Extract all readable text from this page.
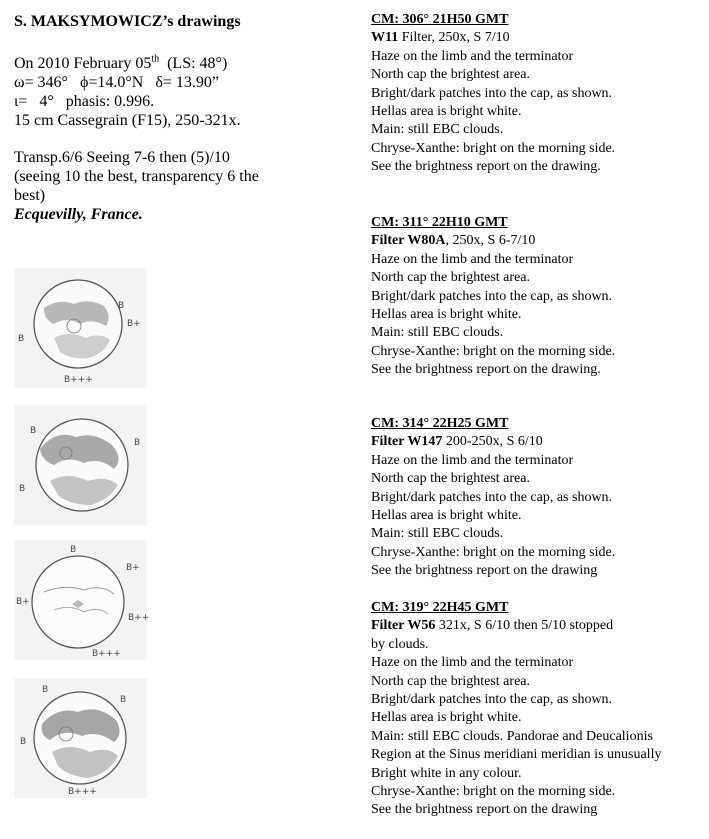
S. MAKSYMOWICZ’s drawings

On 2010 February 05th  (LS: 48°)

ω= 346°   ϕ=14.0°N   δ= 13.90”

ι=   4°   phasis: 0.996.

15 cm Cassegrain (F15), 250-321x.

Transp.6/6 Seeing 7-6 then (5)/10

(seeing 10 the best, transparency 6 the

best)

Ecquevilly, France.

B
B+
B
B+++
B
B
B
B
B+
B+
B++
B+++
B
B
B
B+++
CM: 306° 21H50 GMT
W11 Filter, 250x, S 7/10
Haze on the limb and the terminator
North cap the brightest area.
Bright/dark patches into the cap, as shown.
Hellas area is bright white.
Main: still EBC clouds.
Chryse-Xanthe: bright on the morning side.
See the brightness report on the drawing.
CM: 311° 22H10 GMT
Filter W80A, 250x, S 6-7/10
Haze on the limb and the terminator
North cap the brightest area.
Bright/dark patches into the cap, as shown.
Hellas area is bright white.
Main: still EBC clouds.
Chryse-Xanthe: bright on the morning side.
See the brightness report on the drawing.
CM: 314° 22H25 GMT
Filter W147 200-250x, S 6/10
Haze on the limb and the terminator
North cap the brightest area.
Bright/dark patches into the cap, as shown.
Hellas area is bright white.
Main: still EBC clouds.
Chryse-Xanthe: bright on the morning side.
See the brightness report on the drawing
CM: 319° 22H45 GMT
Filter W56 321x, S 6/10 then 5/10 stopped
by clouds.
Haze on the limb and the terminator
North cap the brightest area.
Bright/dark patches into the cap, as shown.
Hellas area is bright white.
Main: still EBC clouds. Pandorae and Deucalionis
Region at the Sinus meridiani meridian is unusually
Bright white in any colour.
Chryse-Xanthe: bright on the morning side.
See the brightness report on the drawing
